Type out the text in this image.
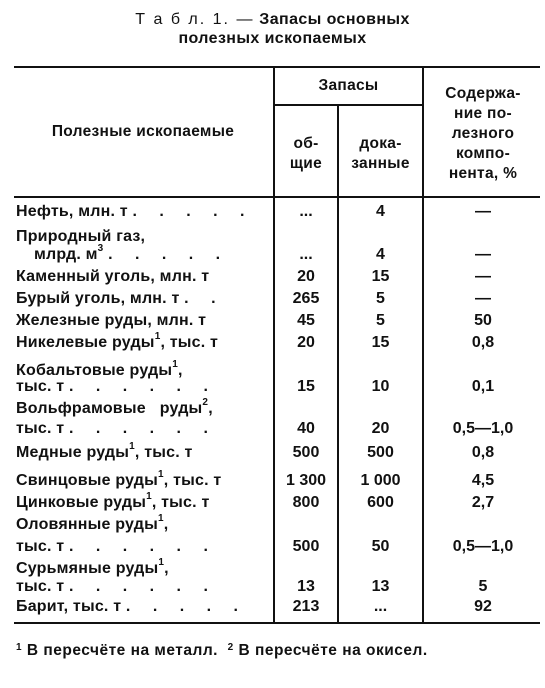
Т а б л. 1. — Запасы основных
полезных ископаемых
Полезные ископаемые
Запасы
об-
щие
дока-
занные
Содержа-
ние по-
лезного
компо-
нента, %
Нефть, млн. т . . . . .	...	4	—
Природный газ,
млрд. $м^3$ . . . . .	...	4	—
Каменный уголь, млн. т	20	15	—
Бурый уголь, млн. т . .	265	5	—
Железные руды, млн. т	45	5	50
Никелевые руды$^1$, тыс. т	20	15	0,8
Кобальтовые руды$^1$,
тыс. т . . . . . .	15	10	0,1
Вольфрамовые   руды$^2$,
тыс. т . . . . . .	40	20	0,5—1,0
Медные руды$^1$, тыс. т	500	500	0,8
Свинцовые руды$^1$, тыс. т	1 300	1 000	4,5
Цинковые руды$^1$, тыс. т	800	600	2,7
Оловянные руды$^1$,
тыс. т . . . . . .	500	50	0,5—1,0
Сурьмяные руды$^1$,
тыс. т . . . . . .	13	13	5
Барит, тыс. т . . . . .	213	...	92
$^1$ В пересчёте на металл. $^2$ В пересчёте на окисел.
